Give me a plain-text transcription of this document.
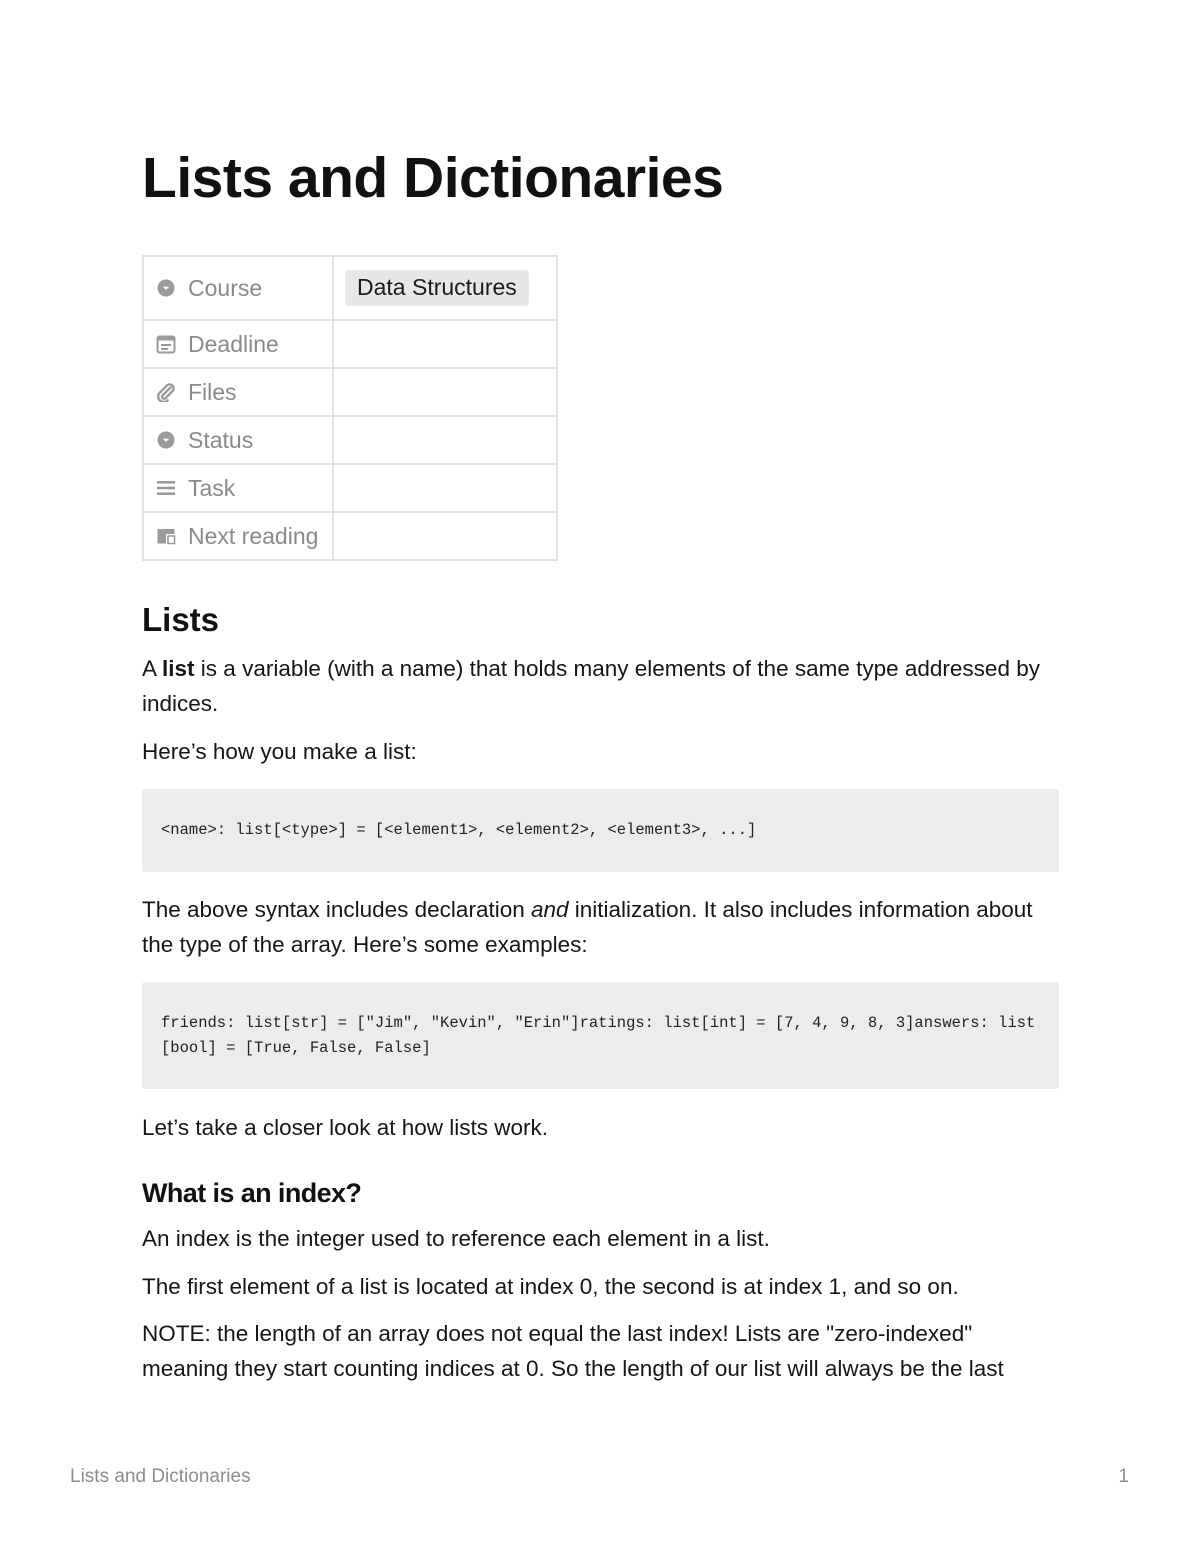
Lists and Dictionaries
Course	Data Structures

Deadline	

Files	

Status	

Task	

Next reading	

Lists

A list is a variable (with a name) that holds many elements of the same type addressed by indices.

Here’s how you make a list:

<name>: list[<type>] = [<element1>, <element2>, <element3>, ...]

The above syntax includes declaration and initialization. It also includes information about the type of the array. Here’s some examples:

friends: list[str] = ["Jim", "Kevin", "Erin"]ratings: list[int] = [7, 4, 9, 8, 3]answers: list[bool] = [True, False, False]

Let’s take a closer look at how lists work.

What is an index?

An index is the integer used to reference each element in a list.

The first element of a list is located at index 0, the second is at index 1, and so on.

NOTE: the length of an array does not equal the last index! Lists are "zero-indexed" meaning they start counting indices at 0. So the length of our list will always be the last

Lists and Dictionaries	1
